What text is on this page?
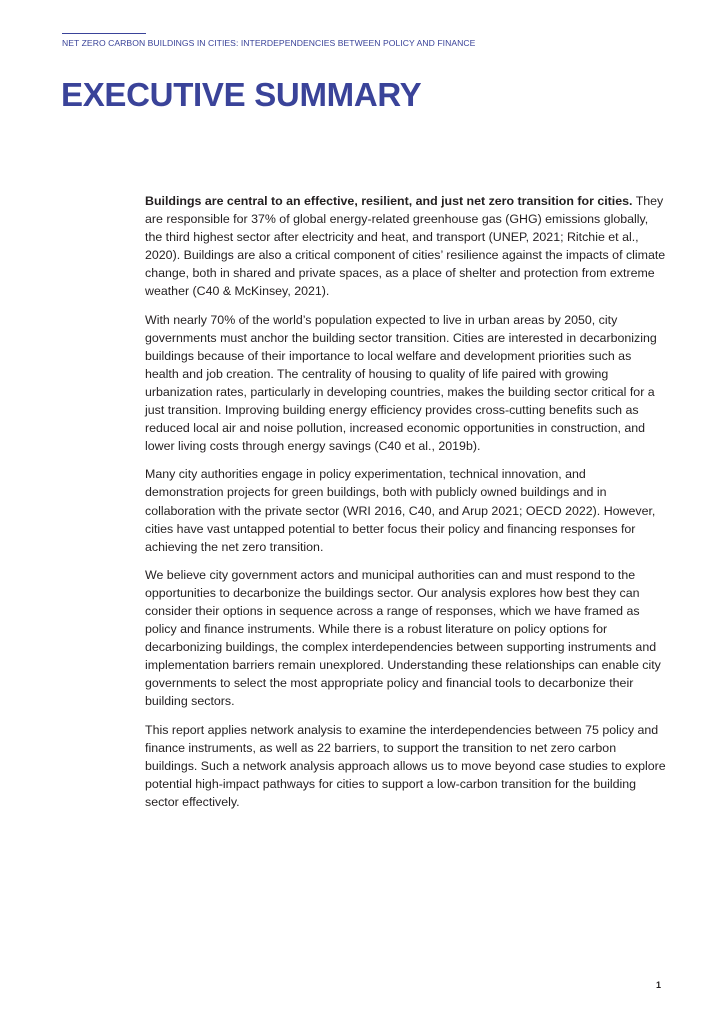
NET ZERO CARBON BUILDINGS IN CITIES: INTERDEPENDENCIES BETWEEN POLICY AND FINANCE
EXECUTIVE SUMMARY

Buildings are central to an effective, resilient, and just net zero transition for cities. They are responsible for 37% of global energy-related greenhouse gas (GHG) emissions globally, the third highest sector after electricity and heat, and transport (UNEP, 2021; Ritchie et al., 2020). Buildings are also a critical component of cities’ resilience against the impacts of climate change, both in shared and private spaces, as a place of shelter and protection from extreme weather (C40 & McKinsey, 2021).

With nearly 70% of the world’s population expected to live in urban areas by 2050, city governments must anchor the building sector transition. Cities are interested in decarbonizing buildings because of their importance to local welfare and development priorities such as health and job creation. The centrality of housing to quality of life paired with growing urbanization rates, particularly in developing countries, makes the building sector critical for a just transition. Improving building energy efficiency provides cross-cutting benefits such as reduced local air and noise pollution, increased economic opportunities in construction, and lower living costs through energy savings (C40 et al., 2019b).

Many city authorities engage in policy experimentation, technical innovation, and demonstration projects for green buildings, both with publicly owned buildings and in collaboration with the private sector (WRI 2016, C40, and Arup 2021; OECD 2022). However, cities have vast untapped potential to better focus their policy and financing responses for achieving the net zero transition.

We believe city government actors and municipal authorities can and must respond to the opportunities to decarbonize the buildings sector. Our analysis explores how best they can consider their options in sequence across a range of responses, which we have framed as policy and finance instruments. While there is a robust literature on policy options for decarbonizing buildings, the complex interdependencies between supporting instruments and implementation barriers remain unexplored. Understanding these relationships can enable city governments to select the most appropriate policy and financial tools to decarbonize their building sectors.

This report applies network analysis to examine the interdependencies between 75 policy and finance instruments, as well as 22 barriers, to support the transition to net zero carbon buildings. Such a network analysis approach allows us to move beyond case studies to explore potential high-impact pathways for cities to support a low-carbon transition for the building sector effectively.

1
